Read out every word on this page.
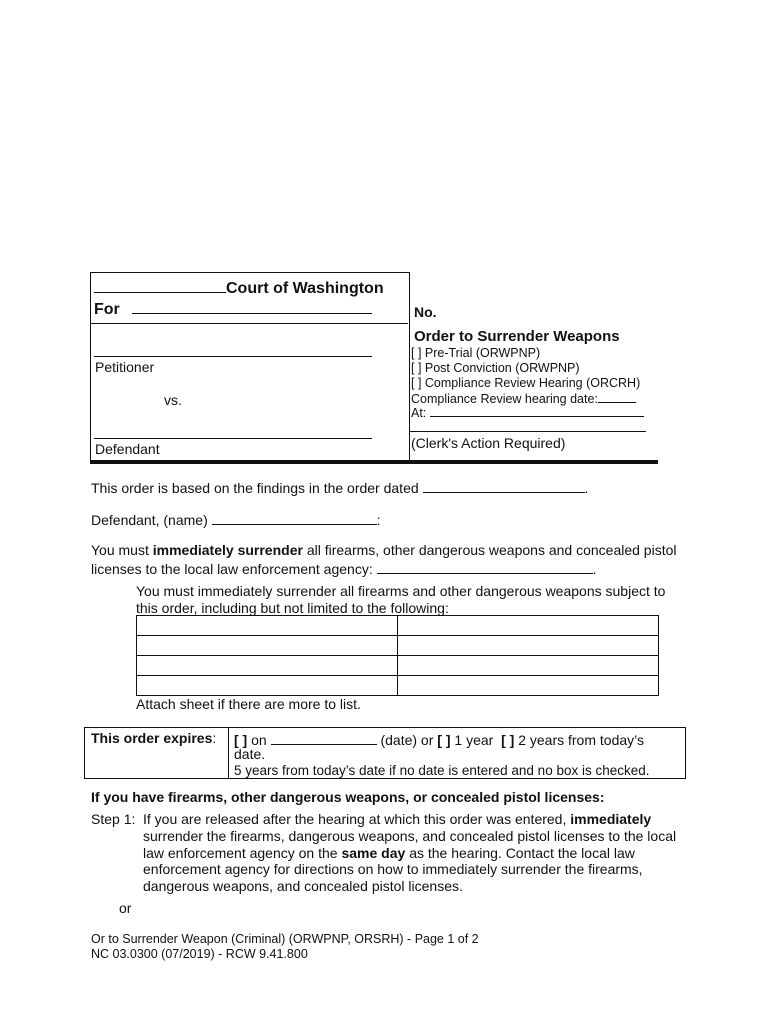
Court of Washington
For
Petitioner
vs.
Defendant
No.
Order to Surrender Weapons
[ ] Pre-Trial (ORWPNP)
[ ] Post Conviction (ORWPNP)
[ ] Compliance Review Hearing (ORCRH)
Compliance Review hearing date:
At:
(Clerk's Action Required)
This order is based on the findings in the order dated	.
Defendant, (name)	:
You must immediately surrender all firearms, other dangerous weapons and concealed pistol
licenses to the local law enforcement agency:	.
You must immediately surrender all firearms and other dangerous weapons subject to
this order, including but not limited to the following:

Attach sheet if there are more to list.
This order expires: [ ] on	(date) or [ ] 1 year [ ] 2 years from today’s
date.
5 years from today’s date if no date is entered and no box is checked.
If you have firearms, other dangerous weapons, or concealed pistol licenses:
Step 1: If you are released after the hearing at which this order was entered, immediately
surrender the firearms, dangerous weapons, and concealed pistol licenses to the local
law enforcement agency on the same day as the hearing. Contact the local law
enforcement agency for directions on how to immediately surrender the firearms,
dangerous weapons, and concealed pistol licenses.
or
Or to Surrender Weapon (Criminal) (ORWPNP, ORSRH) - Page 1 of 2
NC 03.0300 (07/2019) - RCW 9.41.800
